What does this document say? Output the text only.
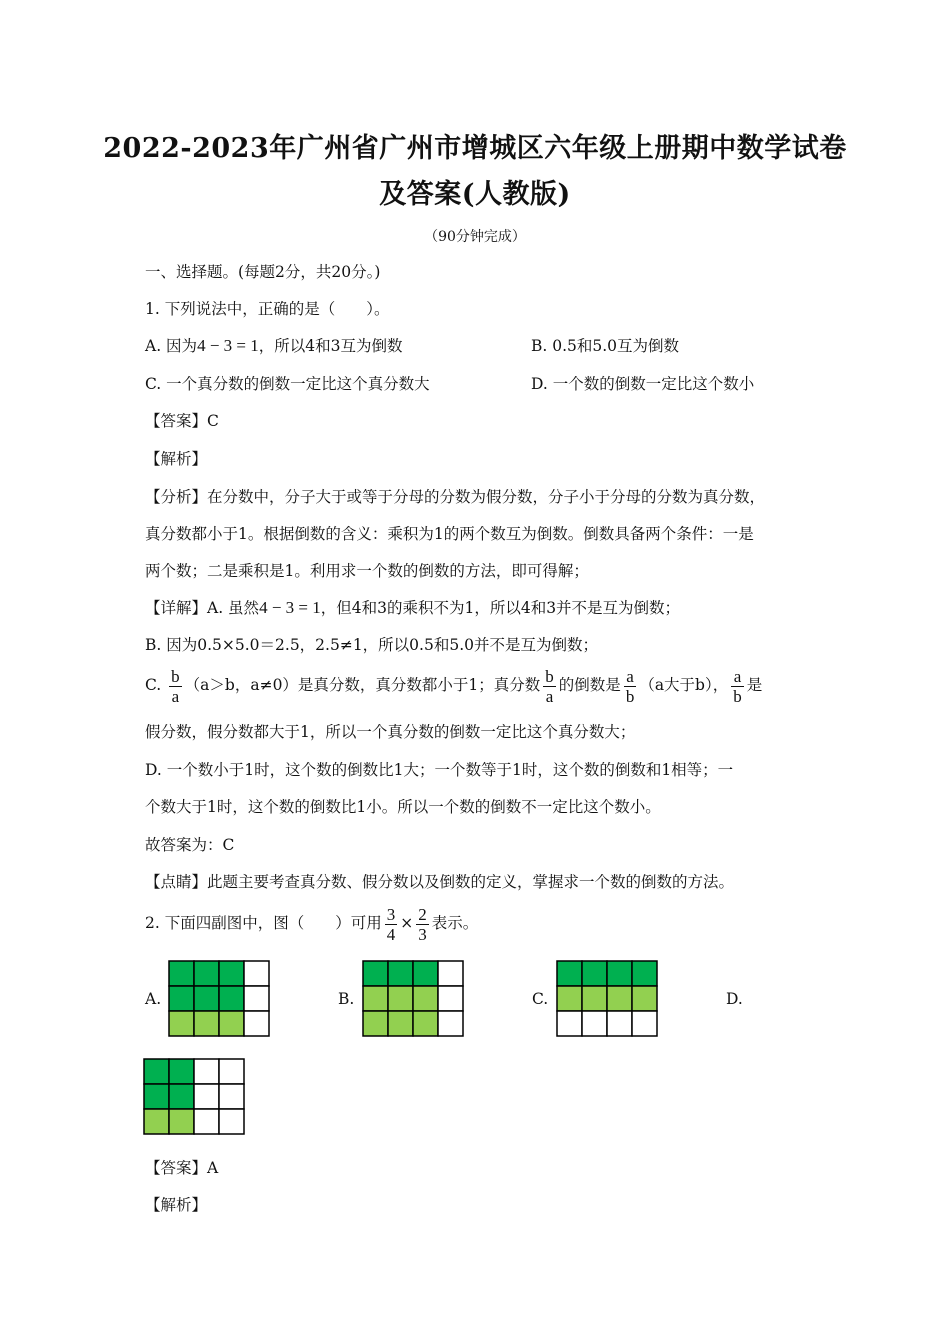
2022-2023年广州省广州市增城区六年级上册期中数学试卷
及答案(人教版)
（90分钟完成）
一、选择题。(每题2分，共20分。)
1. 下列说法中，正确的是（　　）。
A. 因为4 − 3 = 1，所以4和3互为倒数	B. 0.5和5.0互为倒数
C. 一个真分数的倒数一定比这个真分数大	D. 一个数的倒数一定比这个数小
【答案】C
【解析】
【分析】在分数中，分子大于或等于分母的分数为假分数，分子小于分母的分数为真分数，
真分数都小于1。根据倒数的含义：乘积为1的两个数互为倒数。倒数具备两个条件：一是
两个数；二是乘积是1。利用求一个数的倒数的方法，即可得解；
【详解】A. 虽然4 − 3 = 1，但4和3的乘积不为1，所以4和3并不是互为倒数；
B. 因为0.5×5.0＝2.5，2.5≠1，所以0.5和5.0并不是互为倒数；
C. $\frac{b}{a} (a>b$，a≠0）是真分数，真分数都小于1；真分数 $\frac{b}{a}$ 的倒数是 $\frac{a}{b} (a$大于b）， $\frac{a}{b}$ 是
假分数，假分数都大于1，所以一个真分数的倒数一定比这个真分数大；
D. 一个数小于1时，这个数的倒数比1大；一个数等于1时，这个数的倒数和1相等；一
个数大于1时，这个数的倒数比1小。所以一个数的倒数不一定比这个数小。
故答案为：C
【点睛】此题主要考查真分数、假分数以及倒数的定义，掌握求一个数的倒数的方法。
2. 下面四副图中，图（　　）可用 $\frac{3}{4} \times \frac{2}{3}$ 表示。
A.	B.	C.	D.
【答案】A
【解析】
